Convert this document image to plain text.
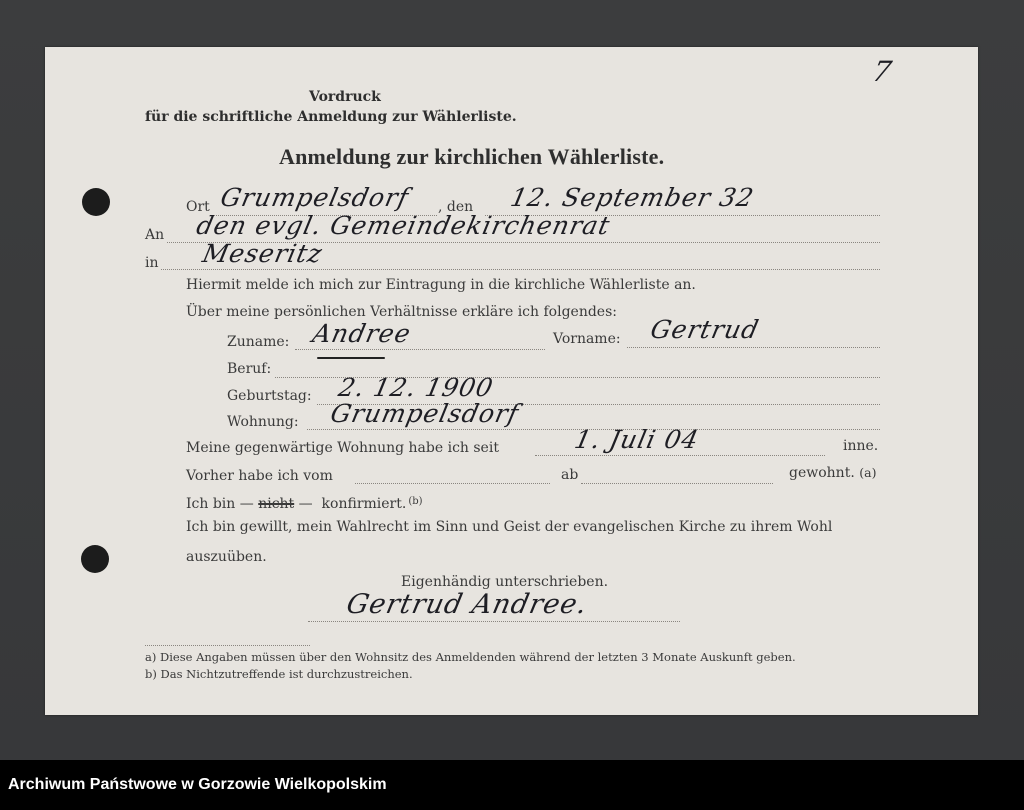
7
Vordruck
für die schriftliche Anmeldung zur Wählerliste.
Anmeldung zur kirchlichen Wählerliste.
Ort Grumpelsdorf , den 12. September 32
An den evgl. Gemeindekirchenrat
in Meseritz
Hiermit melde ich mich zur Eintragung in die kirchliche Wählerliste an.
Über meine persönlichen Verhältnisse erkläre ich folgendes:
Zuname: Andree	Vorname: Gertrud
Beruf:
Geburtstag: 2. 12. 1900
Wohnung: Grumpelsdorf
Meine gegenwärtige Wohnung habe ich seit	1. Juli 04	inne.
Vorher habe ich vom	ab	gewohnt. (a)
Ich bin — nicht — konfirmiert. $^{(b)}$
Ich bin gewillt, mein Wahlrecht im Sinn und Geist der evangelischen Kirche zu ihrem Wohl
auszuüben.
Eigenhändig unterschrieben.
Gertrud Andree.
a) Diese Angaben müssen über den Wohnsitz des Anmeldenden während der letzten 3 Monate Auskunft geben.
b) Das Nichtzutreffende ist durchzustreichen.
Archiwum Państwowe w Gorzowie Wielkopolskim
